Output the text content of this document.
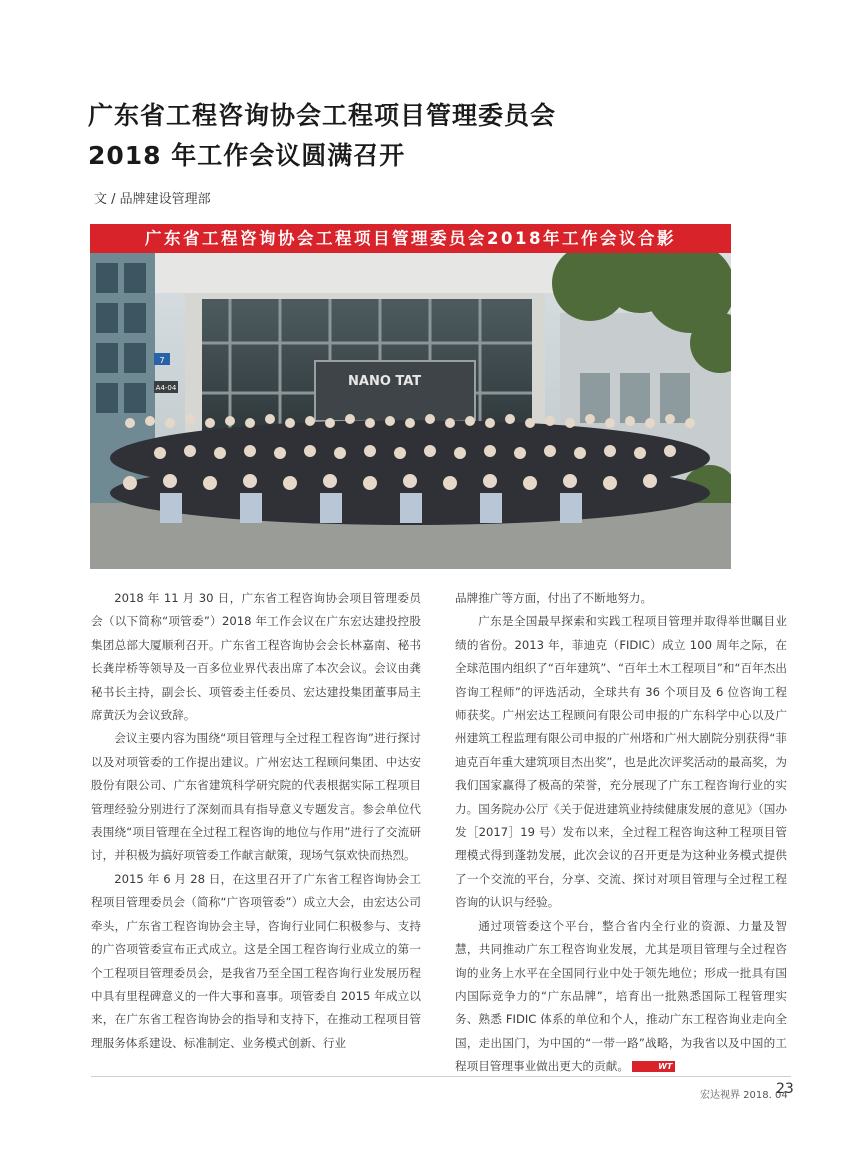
广东省工程咨询协会工程项目管理委员会
2018 年工作会议圆满召开
文 / 品牌建设管理部
广东省工程咨询协会工程项目管理委员会2018年工作会议合影
7
A4-04	NANO TAT

2018 年 11 月 30 日，广东省工程咨询协会项目管理委员会（以下简称“项管委”）2018 年工作会议在广东宏达建投控股集团总部大厦顺利召开。广东省工程咨询协会会长林嘉南、秘书长龚岸桥等领导及一百多位业界代表出席了本次会议。会议由龚秘书长主持，副会长、项管委主任委员、宏达建投集团董事局主席黄沃为会议致辞。

会议主要内容为围绕“项目管理与全过程工程咨询”进行探讨以及对项管委的工作提出建议。广州宏达工程顾问集团、中达安股份有限公司、广东省建筑科学研究院的代表根据实际工程项目管理经验分别进行了深刻而具有指导意义专题发言。参会单位代表围绕“项目管理在全过程工程咨询的地位与作用”进行了交流研讨，并积极为搞好项管委工作献言献策，现场气氛欢快而热烈。

2015 年 6 月 28 日，在这里召开了广东省工程咨询协会工程项目管理委员会（简称“广咨项管委”）成立大会，由宏达公司牵头，广东省工程咨询协会主导，咨询行业同仁积极参与、支持的广咨项管委宣布正式成立。这是全国工程咨询行业成立的第一个工程项目管理委员会，是我省乃至全国工程咨询行业发展历程中具有里程碑意义的一件大事和喜事。项管委自 2015 年成立以来，在广东省工程咨询协会的指导和支持下，在推动工程项目管理服务体系建设、标准制定、业务模式创新、行业

品牌推广等方面，付出了不断地努力。

广东是全国最早探索和实践工程项目管理并取得举世瞩目业绩的省份。2013 年，菲迪克（FIDIC）成立 100 周年之际，在全球范围内组织了“百年建筑”、“百年土木工程项目”和“百年杰出咨询工程师”的评选活动，全球共有 36 个项目及 6 位咨询工程师获奖。广州宏达工程顾问有限公司申报的广东科学中心以及广州建筑工程监理有限公司申报的广州塔和广州大剧院分别获得“菲迪克百年重大建筑项目杰出奖”，也是此次评奖活动的最高奖，为我们国家赢得了极高的荣誉，充分展现了广东工程咨询行业的实力。国务院办公厅《关于促进建筑业持续健康发展的意见》（国办发［2017］19 号）发布以来，全过程工程咨询这种工程项目管理模式得到蓬勃发展，此次会议的召开更是为这种业务模式提供了一个交流的平台，分享、交流、探讨对项目管理与全过程工程咨询的认识与经验。

通过项管委这个平台，整合省内全行业的资源、力量及智慧，共同推动广东工程咨询业发展，尤其是项目管理与全过程咨询的业务上水平在全国同行业中处于领先地位；形成一批具有国内国际竞争力的“广东品牌”，培育出一批熟悉国际工程管理实务、熟悉 FIDIC 体系的单位和个人，推动广东工程咨询业走向全国，走出国门，为中国的“一带一路”战略，为我省以及中国的工程项目管理事业做出更大的贡献。	WT

宏达视界 2018. 04
23
